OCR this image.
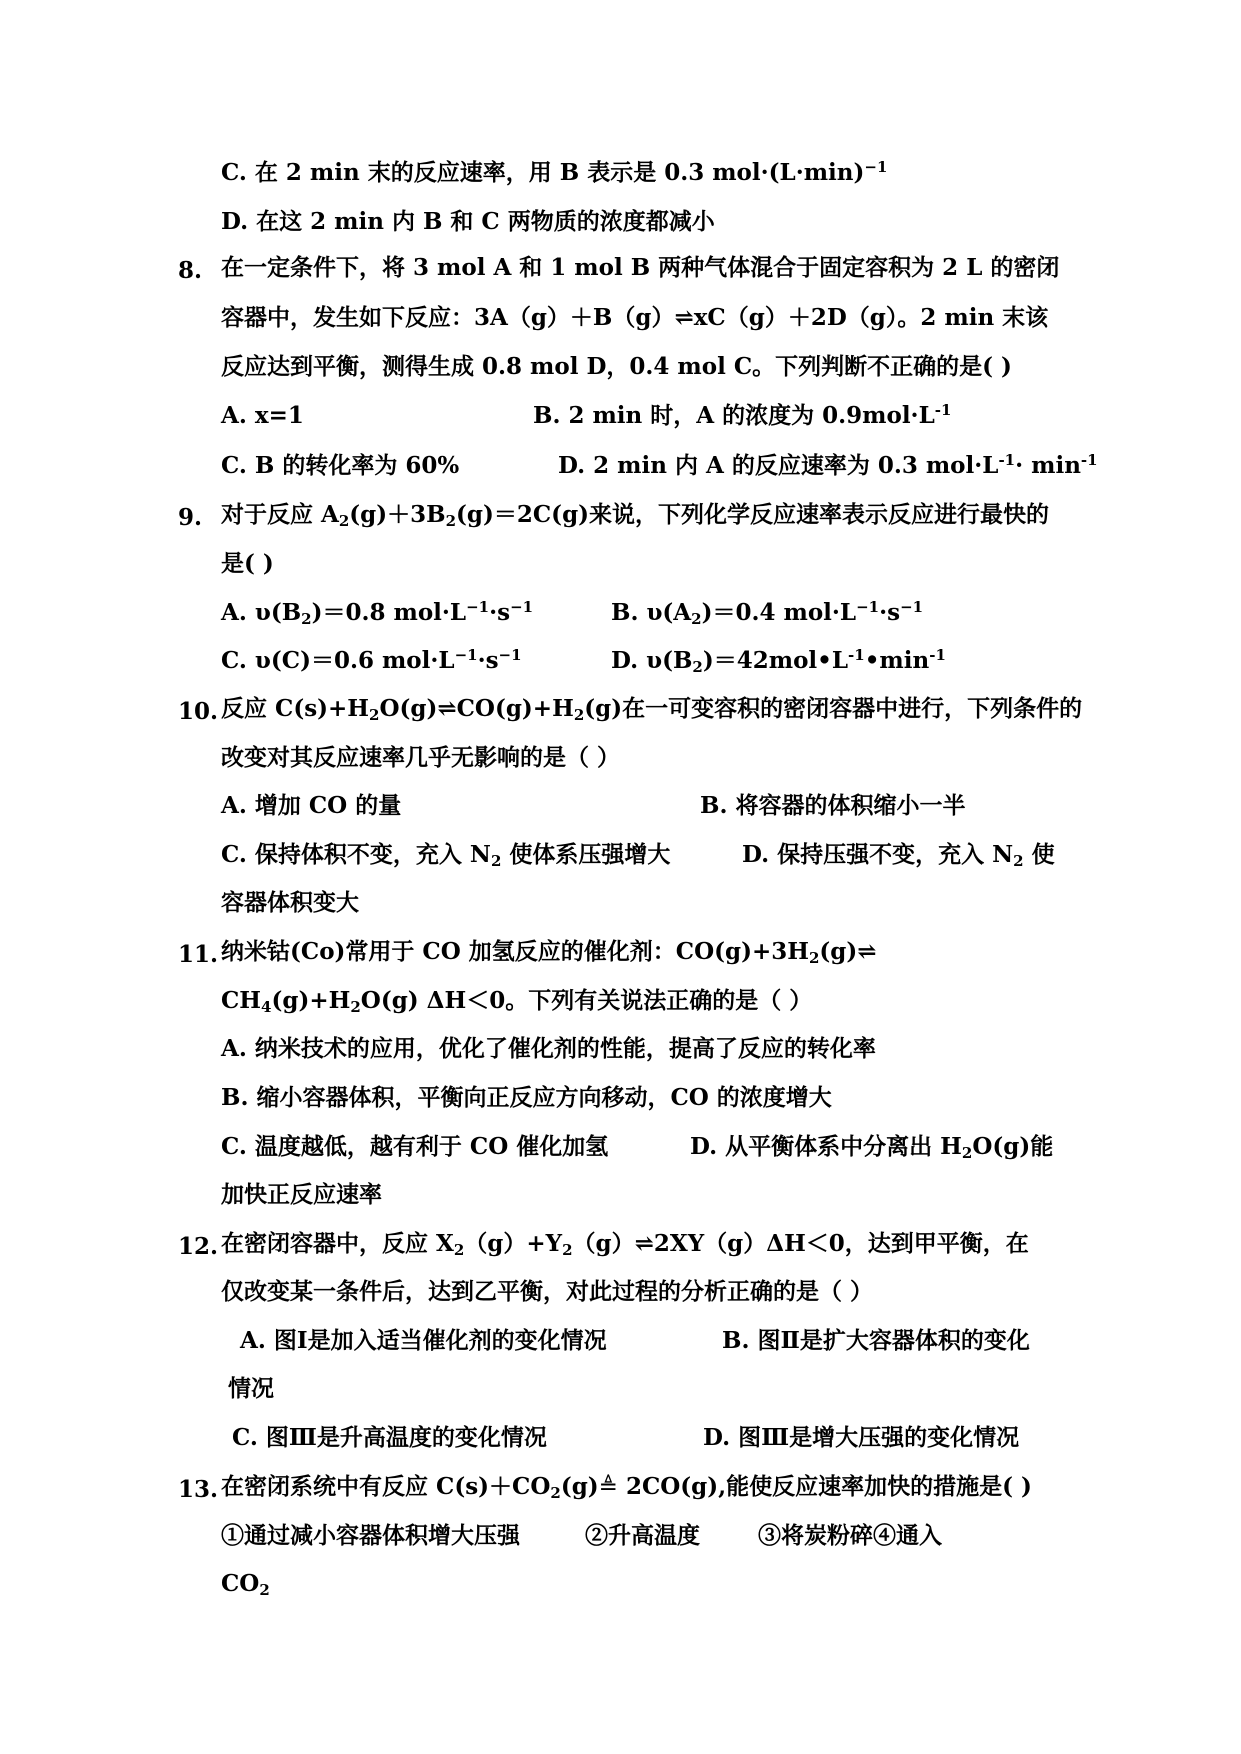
C. 在 2 min 末的反应速率，用 B 表示是 0.3 $mol\cdot(L\cdot\min)^{-1}$
D. 在这 2 min 内 B 和 C 两物质的浓度都减小
8. 在一定条件下，将 3 mol A 和 1 mol B 两种气体混合于固定容积为 2 L 的密闭
容器中，发生如下反应：3A（g）＋B（g）⇌xC（g）＋2D（g）。2 min 末该
反应达到平衡，测得生成 0.8 mol D，0.4 mol C。下列判断不正确的是( )
A. x=1	B. 2 min 时，A 的浓度为 $0.9mol\cdot L^{-1}$
C. B 的转化率为 60%	D. 2 min 内 A 的反应速率为 0.3 $mol\cdot L^{-1}\cdot \min^{-1}$
9. 对于反应 $A_2(g)+3B_2(g)=2C(g)$来说，下列化学反应速率表示反应进行最快的
是( )
A. $\upsilon(B_2)=0.8$ $mol\cdot L^{-1}\cdot s^{-1}$	B. $\upsilon(A_2)=0.4$ $mol\cdot L^{-1}\cdot s^{-1}$
C. υ(C)＝0.6 $mol\cdot L^{-1}\cdot s^{-1}$	D. $\upsilon(B_2)=42mol•L^{-1}•\min^{-1}$
10. 反应 $C(s)+H_2O(g)\rightleftharpoons CO(g)+H_2(g)$在一可变容积的密闭容器中进行，下列条件的
改变对其反应速率几乎无影响的是（ ）
A. 增加 CO 的量	B. 将容器的体积缩小一半
C. 保持体积不变，充入 $N_2$ 使体系压强增大	D. 保持压强不变，充入 $N_2$ 使
容器体积变大
11. 纳米钴(Co)常用于 CO 加氢反应的催化剂：$CO(g)+3H_2(g)\rightleftharpoons$
$CH_4(g)+H_2O(g)$ ΔH＜0。下列有关说法正确的是（ ）
A. 纳米技术的应用，优化了催化剂的性能，提高了反应的转化率
B. 缩小容器体积，平衡向正反应方向移动，CO 的浓度增大
C. 温度越低，越有利于 CO 催化加氢	D. 从平衡体系中分离出 $H_2O(g)$能
加快正反应速率
12. 在密闭容器中，反应 $X_2(g)+Y_2(g)\rightleftharpoons 2XY(g)\Delta H<0$，达到甲平衡，在
仅改变某一条件后，达到乙平衡，对此过程的分析正确的是（ ）
A. 图Ⅰ是加入适当催化剂的变化情况	B. 图Ⅱ是扩大容器体积的变化
情况
C. 图Ⅲ是升高温度的变化情况	D. 图Ⅲ是增大压强的变化情况
13. 在密闭系统中有反应 $C(s)+CO_2(g)≜$ 2CO(g),能使反应速率加快的措施是( )
①通过减小容器体积增大压强	②升高温度	③将炭粉碎④通入
$CO_2$
